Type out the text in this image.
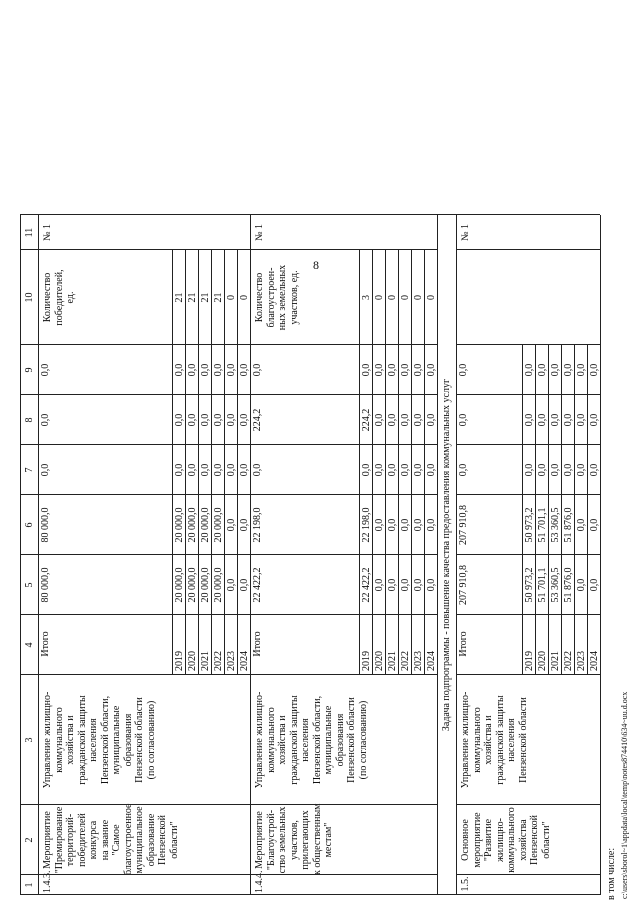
8
1
2
3
4
5
6
7
8
9
10
11
1.4.3.
Мероприятие "Премирование территорий- победителей конкурса на звание "Самое благоустроенное муниципальное образование Пензенской области"
Управление жилищно- коммунального хозяйства и гражданской защиты населения Пензенской области, муниципальные образования Пензенской области (по согласованию)
Итого
80 000,0
80 000,0
0,0
0,0
0,0
2019
20 000,0
20 000,0
0,0
0,0
0,0
2020
20 000,0
20 000,0
0,0
0,0
0,0
2021
20 000,0
20 000,0
0,0
0,0
0,0
2022
20 000,0
20 000,0
0,0
0,0
0,0
2023
0,0
0,0
0,0
0,0
0,0
2024
0,0
0,0
0,0
0,0
0,0
Количество победителей, ед.	21 21 21 21 0 0
№ 1
1.4.4.
Мероприятие "Благоустрой- ство земельных участков, прилегающих к общественным местам"
Управление жилищно- коммунального хозяйства и гражданской защиты населения Пензенской области, муниципальные образования Пензенской области (по согласованию)
Итого
22 422,2
22 198,0
0,0
224,2
0,0
2019
22 422,2
22 198,0
0,0
224,2
0,0
2020
0,0
0,0
0,0
0,0
0,0
2021
0,0
0,0
0,0
0,0
0,0
2022
0,0
0,0
0,0
0,0
0,0
2023
0,0
0,0
0,0
0,0
0,0
2024
0,0
0,0
0,0
0,0
0,0
Количество благоустроен- ных земельных участков, ед.	3 0 0 0 0 0
№ 1
1.5.
Основное мероприятие "Развитие жилищно- коммунального хозяйства Пензенской области"
Управление жилищно- коммунального хозяйства и гражданской защиты населения Пензенской области
Итого
207 910,8
207 910,8
0,0
0,0
0,0
2019
50 973,2
50 973,2
0,0
0,0
0,0
2020
51 701,1
51 701,1
0,0
0,0
0,0
2021
53 360,5
53 360,5
0,0
0,0
0,0
2022
51 876,0
51 876,0
0,0
0,0
0,0
2023
0,0
0,0
0,0
0,0
0,0
2024
0,0
0,0
0,0
0,0
0,0
№ 1
Задача подпрограммы - повышение качества предоставления коммунальных услуг
в том числе: c:\users\sborol~1\appdata\local\temp\notes874410\634~uu.d.ocx
